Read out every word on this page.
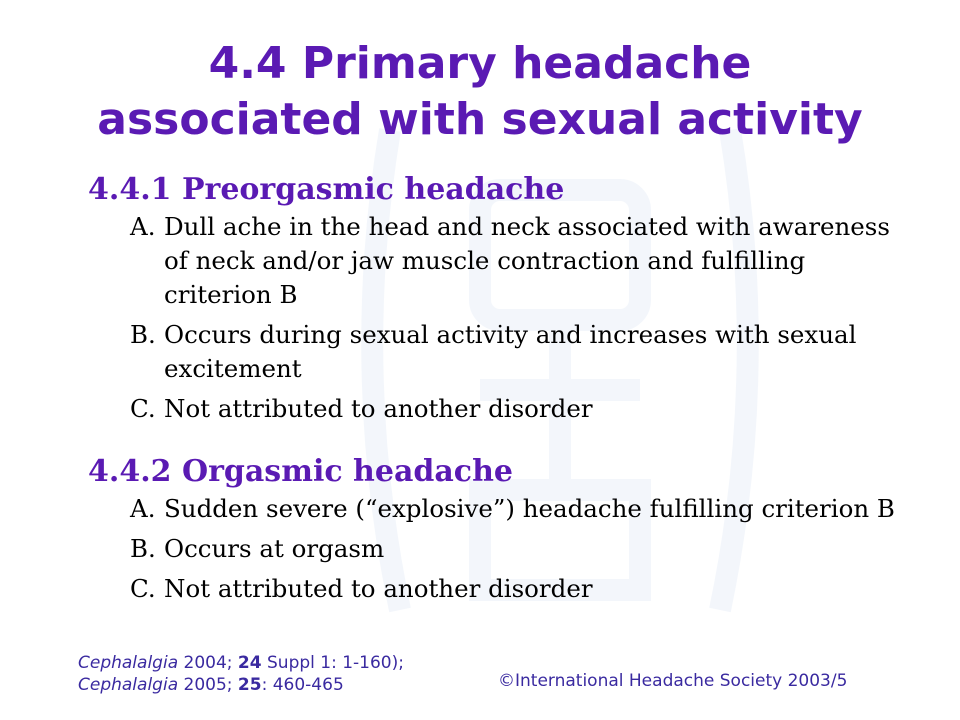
4.4 Primary headache
associated with sexual activity

4.4.1 Preorgasmic headache

A. Dull ache in the head and neck associated with awareness of neck and/or jaw muscle contraction and fulfilling criterion B
B. Occurs during sexual activity and increases with sexual excitement
C. Not attributed to another disorder

4.4.2 Orgasmic headache

A. Sudden severe (“explosive”) headache fulfilling criterion B
B. Occurs at orgasm
C. Not attributed to another disorder
Cephalalgia 2004; 24 Suppl 1: 1-160);
Cephalalgia 2005; 25: 460-465	©International Headache Society 2003/5
